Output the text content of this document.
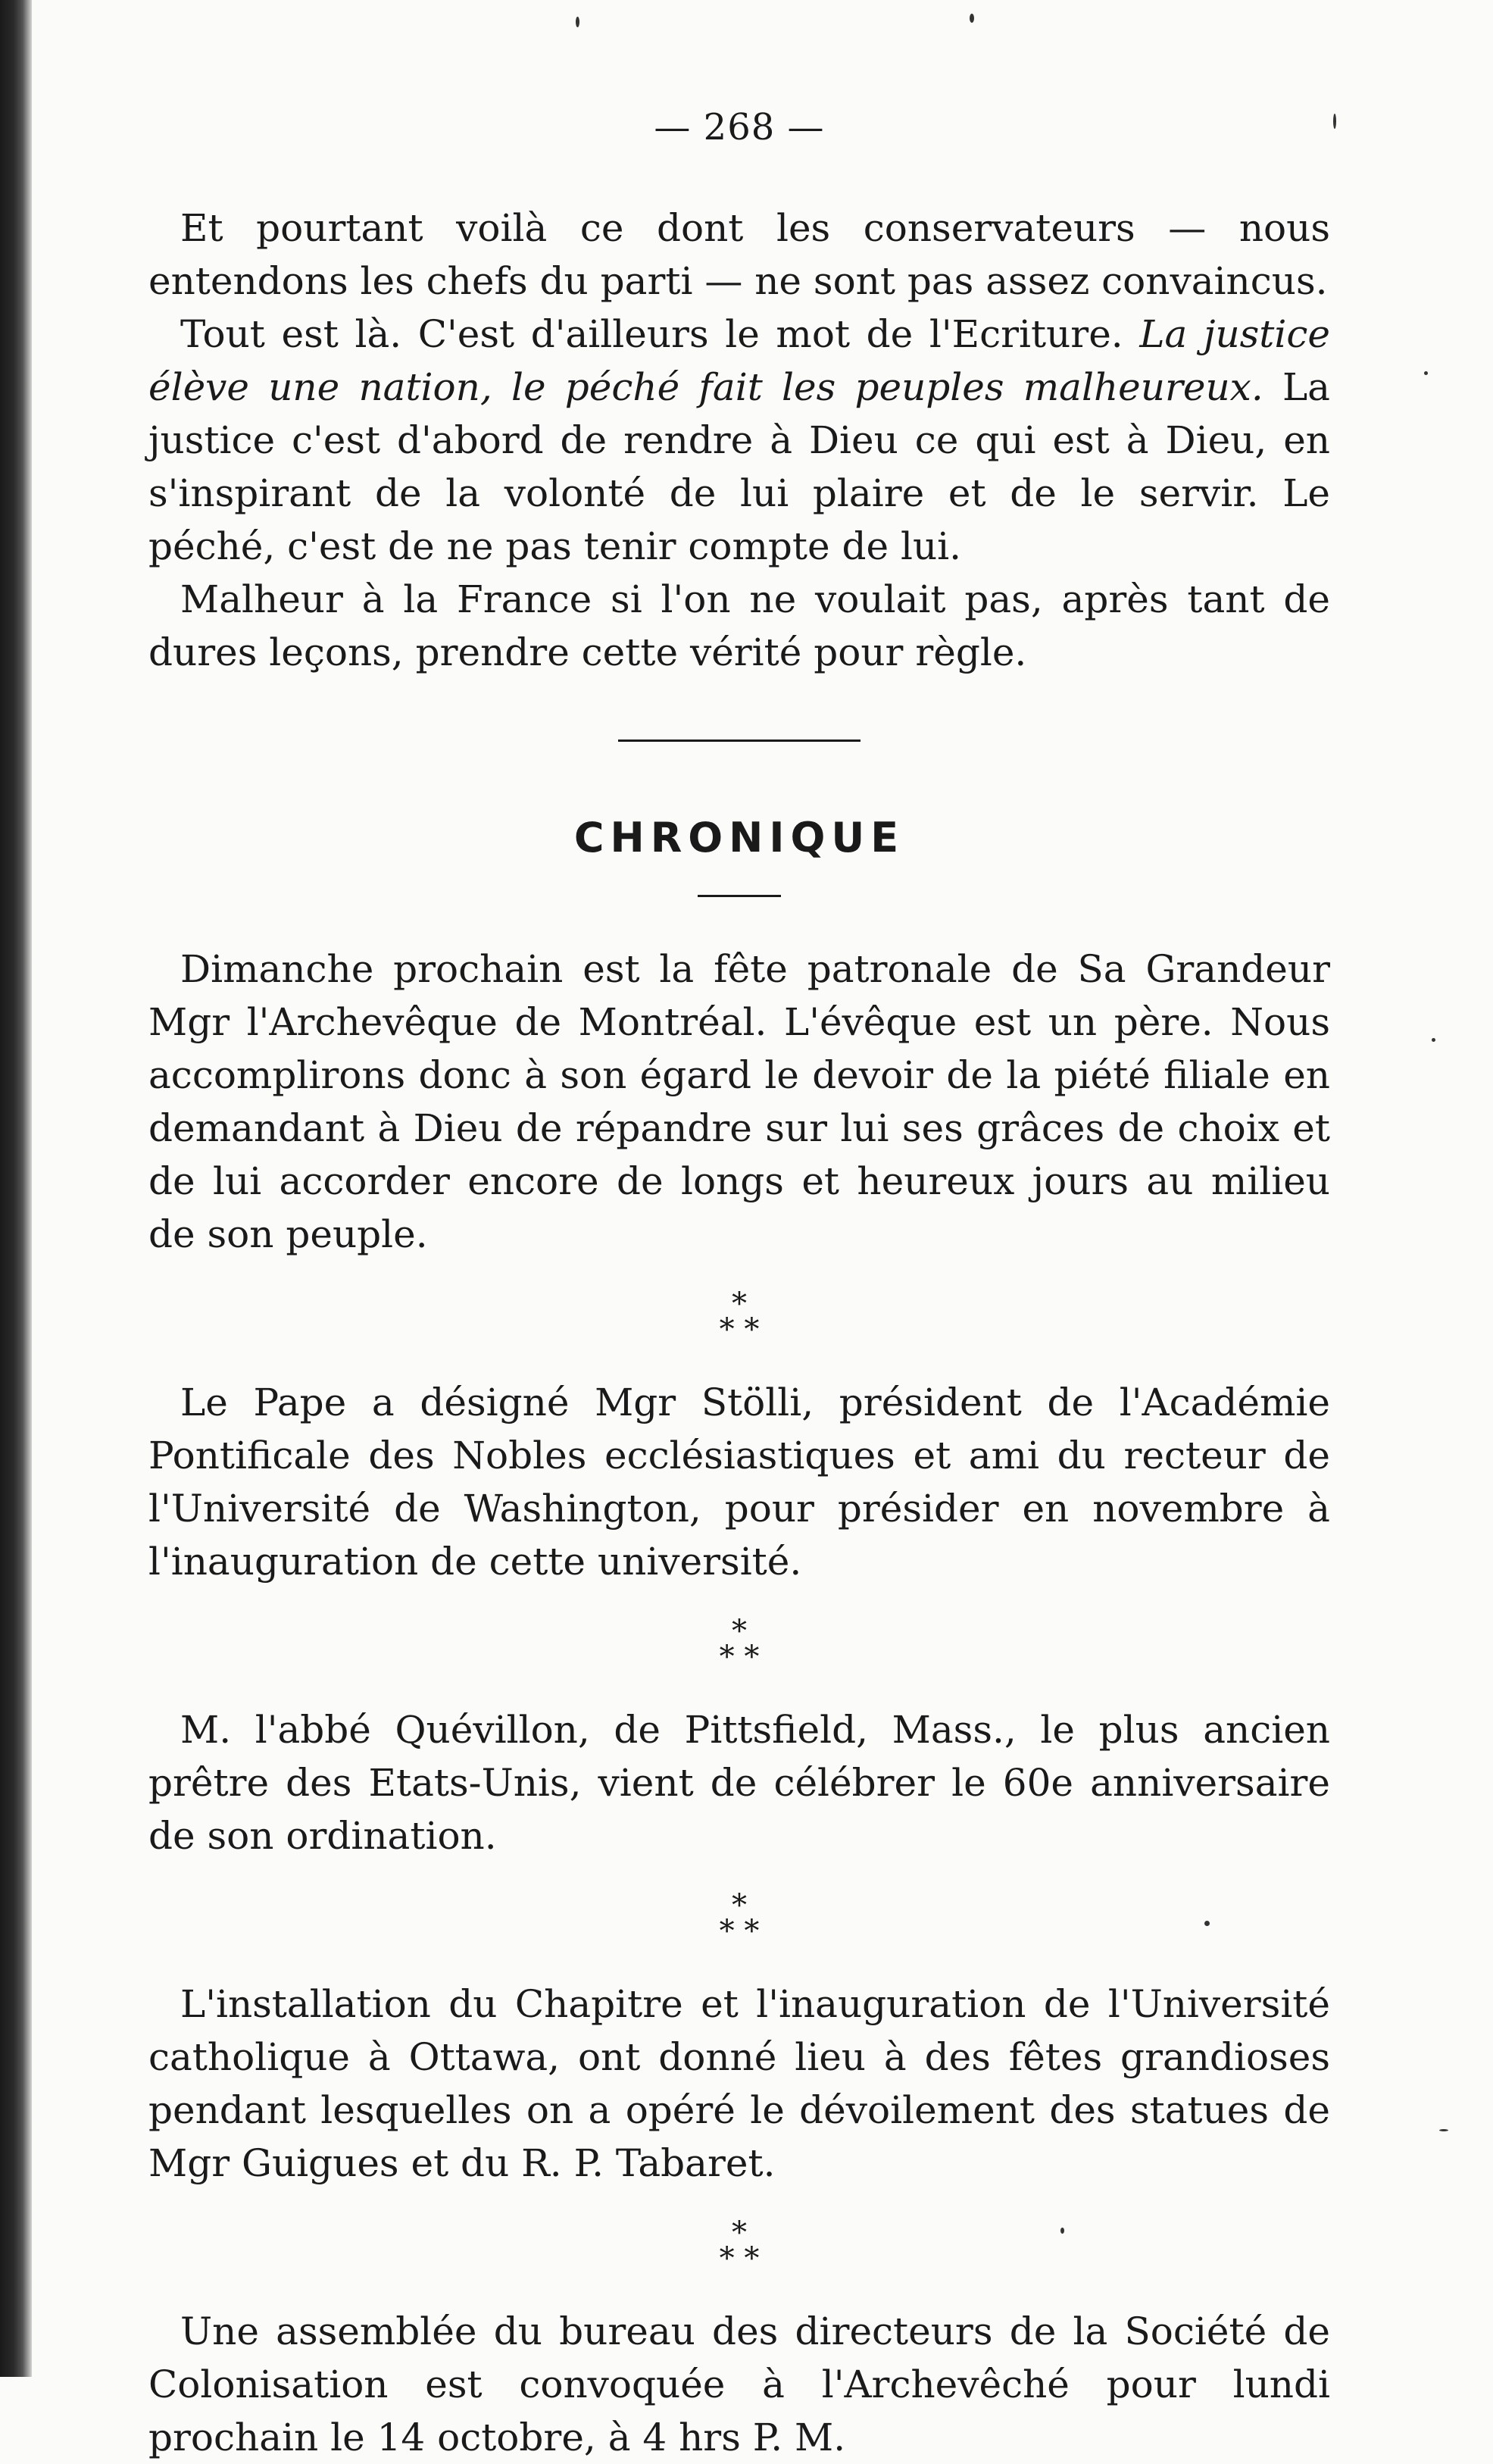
— 268 —

Et pourtant voilà ce dont les conservateurs — nous entendons les chefs du parti — ne sont pas assez convaincus.

Tout est là. C'est d'ailleurs le mot de l'Ecriture. La justice élève une nation, le péché fait les peuples malheureux. La justice c'est d'abord de rendre à Dieu ce qui est à Dieu, en s'inspirant de la volonté de lui plaire et de le servir. Le péché, c'est de ne pas tenir compte de lui.

Malheur à la France si l'on ne voulait pas, après tant de dures leçons, prendre cette vérité pour règle.

CHRONIQUE

Dimanche prochain est la fête patronale de Sa Grandeur Mgr l'Archevêque de Montréal. L'évêque est un père. Nous accomplirons donc à son égard le devoir de la piété filiale en demandant à Dieu de répandre sur lui ses grâces de choix et de lui accorder encore de longs et heureux jours au milieu de son peuple.

*
* *

Le Pape a désigné Mgr Stölli, président de l'Académie Pontificale des Nobles ecclésiastiques et ami du recteur de l'Université de Washington, pour présider en novembre à l'inauguration de cette université.

*
* *

M. l'abbé Quévillon, de Pittsfield, Mass., le plus ancien prêtre des Etats-Unis, vient de célébrer le 60e anniversaire de son ordination.

*
* *

L'installation du Chapitre et l'inauguration de l'Université catholique à Ottawa, ont donné lieu à des fêtes grandioses pendant lesquelles on a opéré le dévoilement des statues de Mgr Guigues et du R. P. Tabaret.

*
* *

Une assemblée du bureau des directeurs de la Société de Colonisation est convoquée à l'Archevêché pour lundi prochain le 14 octobre, à 4 hrs P. M.
